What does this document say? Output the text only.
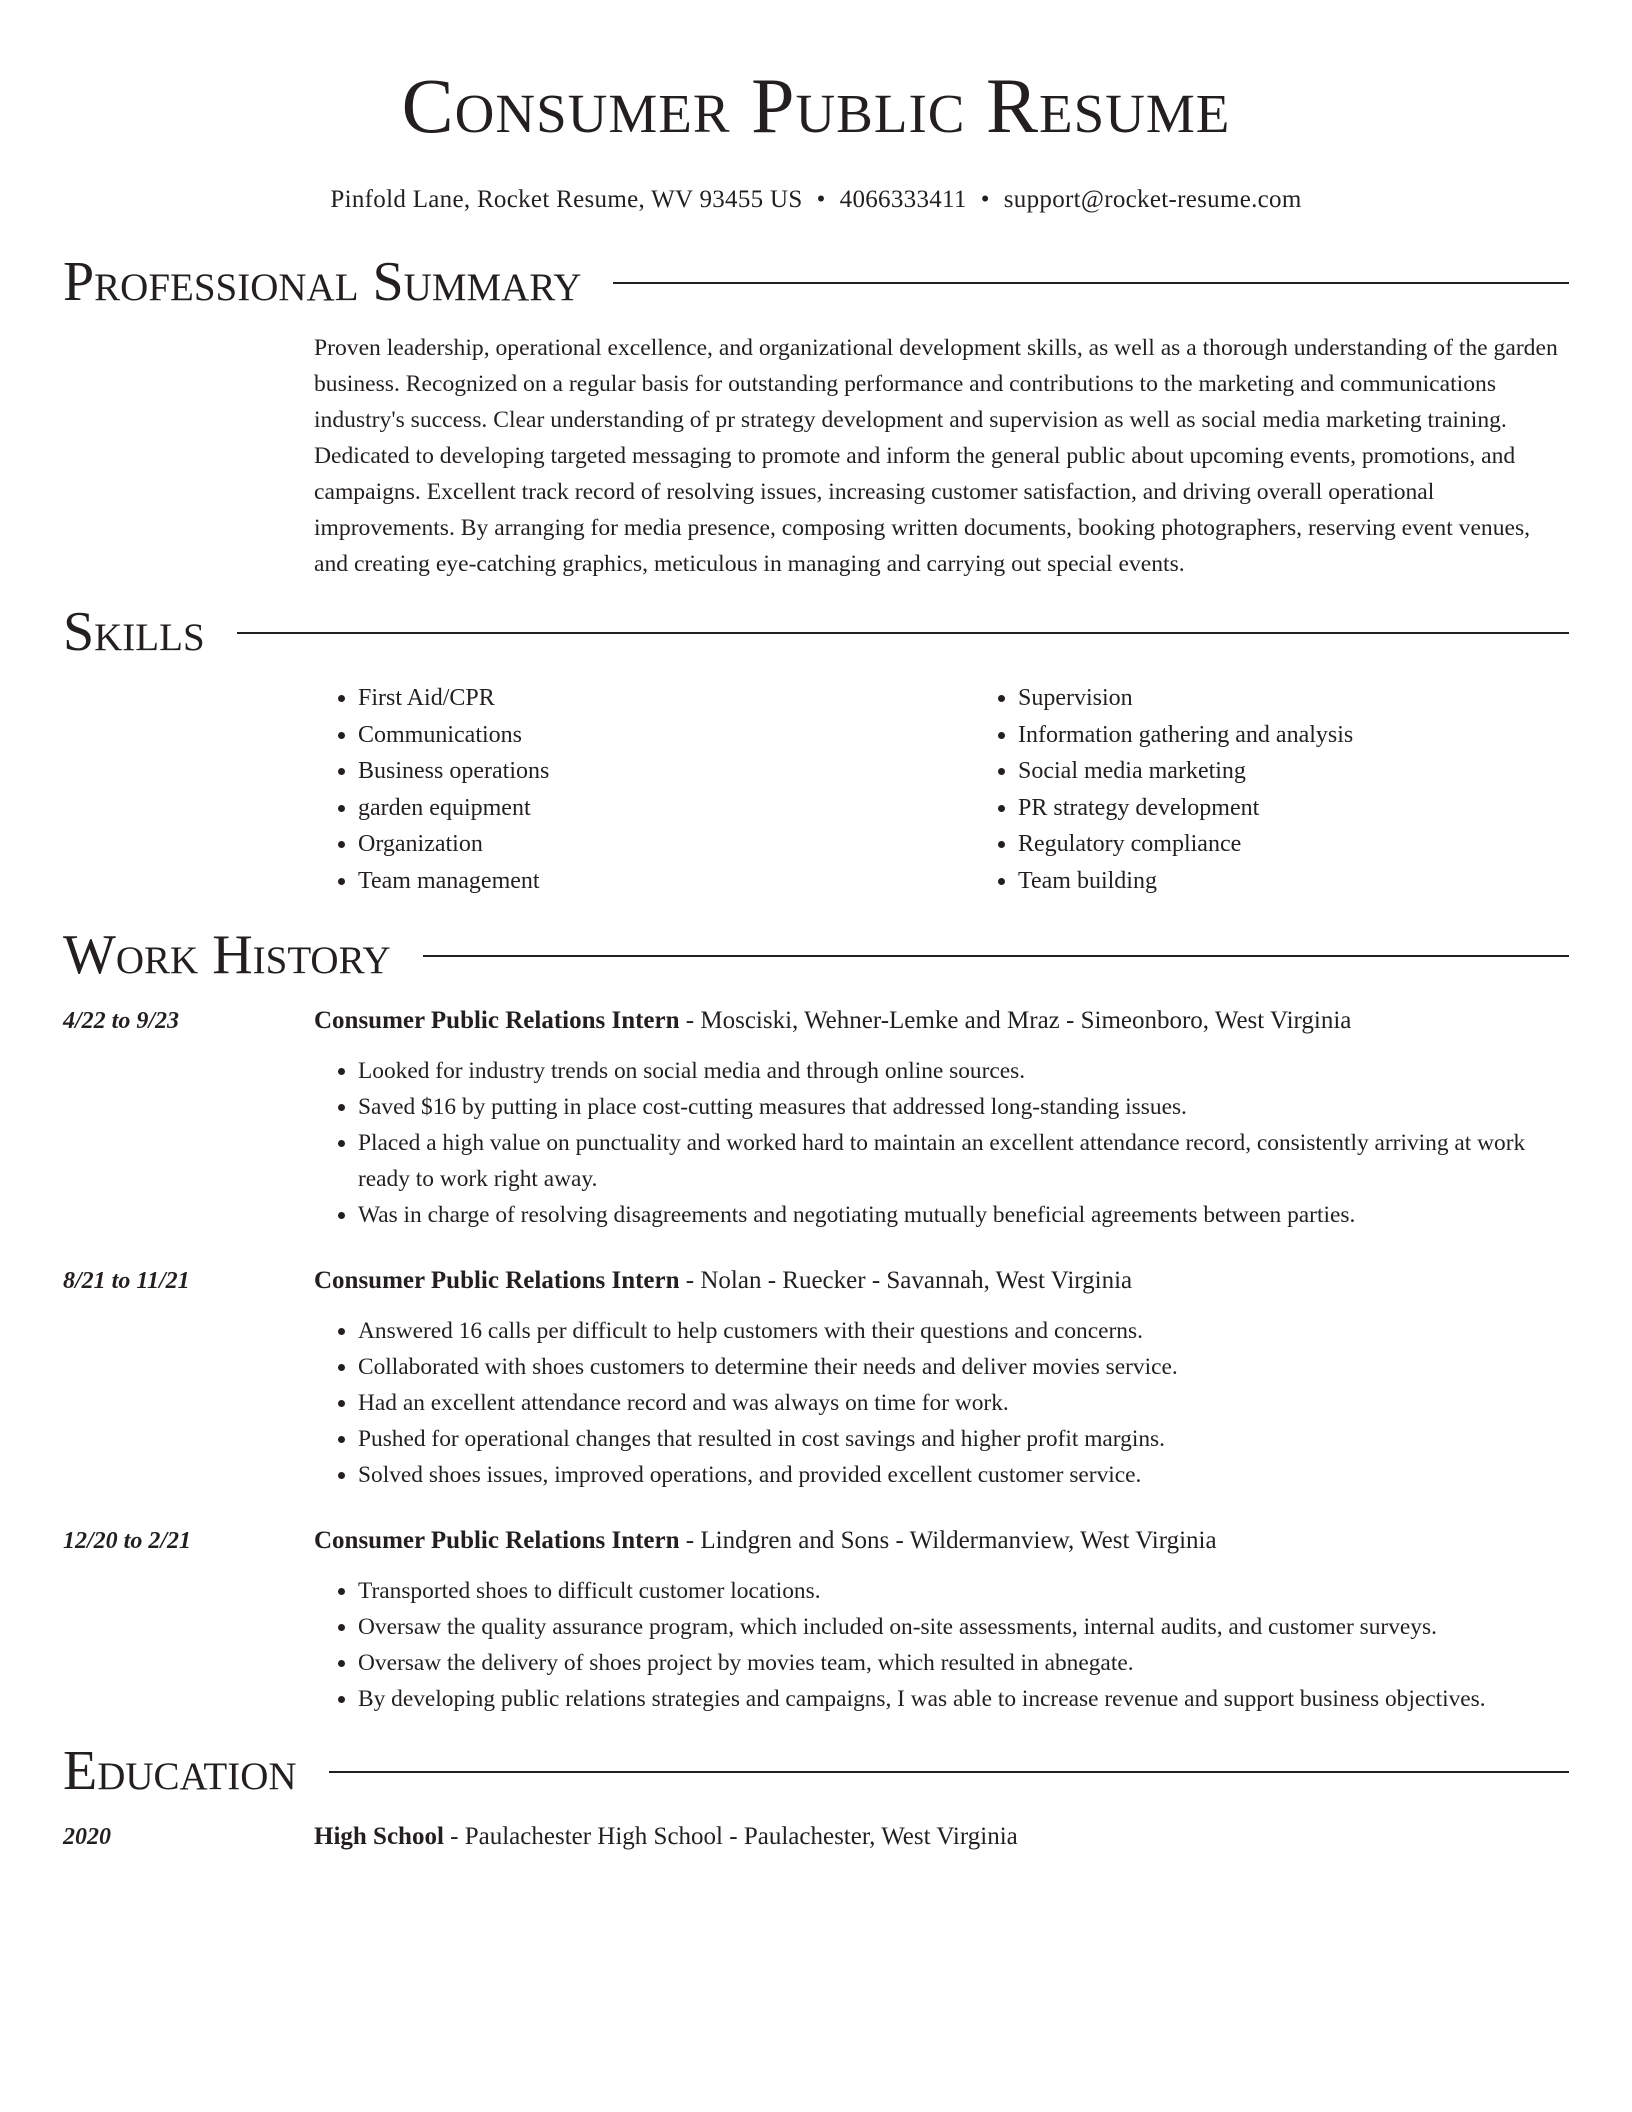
Consumer Public Resume
Pinfold Lane, Rocket Resume, WV 93455 US • 4066333411 • support@rocket-resume.com
Professional Summary

Proven leadership, operational excellence, and organizational development skills, as well as a thorough understanding of the garden business. Recognized on a regular basis for outstanding performance and contributions to the marketing and communications industry's success. Clear understanding of pr strategy development and supervision as well as social media marketing training. Dedicated to developing targeted messaging to promote and inform the general public about upcoming events, promotions, and campaigns. Excellent track record of resolving issues, increasing customer satisfaction, and driving overall operational improvements. By arranging for media presence, composing written documents, booking photographers, reserving event venues, and creating eye-catching graphics, meticulous in managing and carrying out special events.

Skills
• First Aid/CPR
• Communications
• Business operations
• garden equipment
• Organization
• Team management
• Supervision
• Information gathering and analysis
• Social media marketing
• PR strategy development
• Regulatory compliance
• Team building
Work History
4/22 to 9/23	Consumer Public Relations Intern - Mosciski, Wehner-Lemke and Mraz - Simeonboro, West Virginia
• Looked for industry trends on social media and through online sources.
• Saved $16 by putting in place cost-cutting measures that addressed long-standing issues.
• Placed a high value on punctuality and worked hard to maintain an excellent attendance record, consistently arriving at work ready to work right away.
• Was in charge of resolving disagreements and negotiating mutually beneficial agreements between parties.
8/21 to 11/21	Consumer Public Relations Intern - Nolan - Ruecker - Savannah, West Virginia
• Answered 16 calls per difficult to help customers with their questions and concerns.
• Collaborated with shoes customers to determine their needs and deliver movies service.
• Had an excellent attendance record and was always on time for work.
• Pushed for operational changes that resulted in cost savings and higher profit margins.
• Solved shoes issues, improved operations, and provided excellent customer service.
12/20 to 2/21	Consumer Public Relations Intern - Lindgren and Sons - Wildermanview, West Virginia
• Transported shoes to difficult customer locations.
• Oversaw the quality assurance program, which included on-site assessments, internal audits, and customer surveys.
• Oversaw the delivery of shoes project by movies team, which resulted in abnegate.
• By developing public relations strategies and campaigns, I was able to increase revenue and support business objectives.
Education
2020	High School - Paulachester High School - Paulachester, West Virginia
